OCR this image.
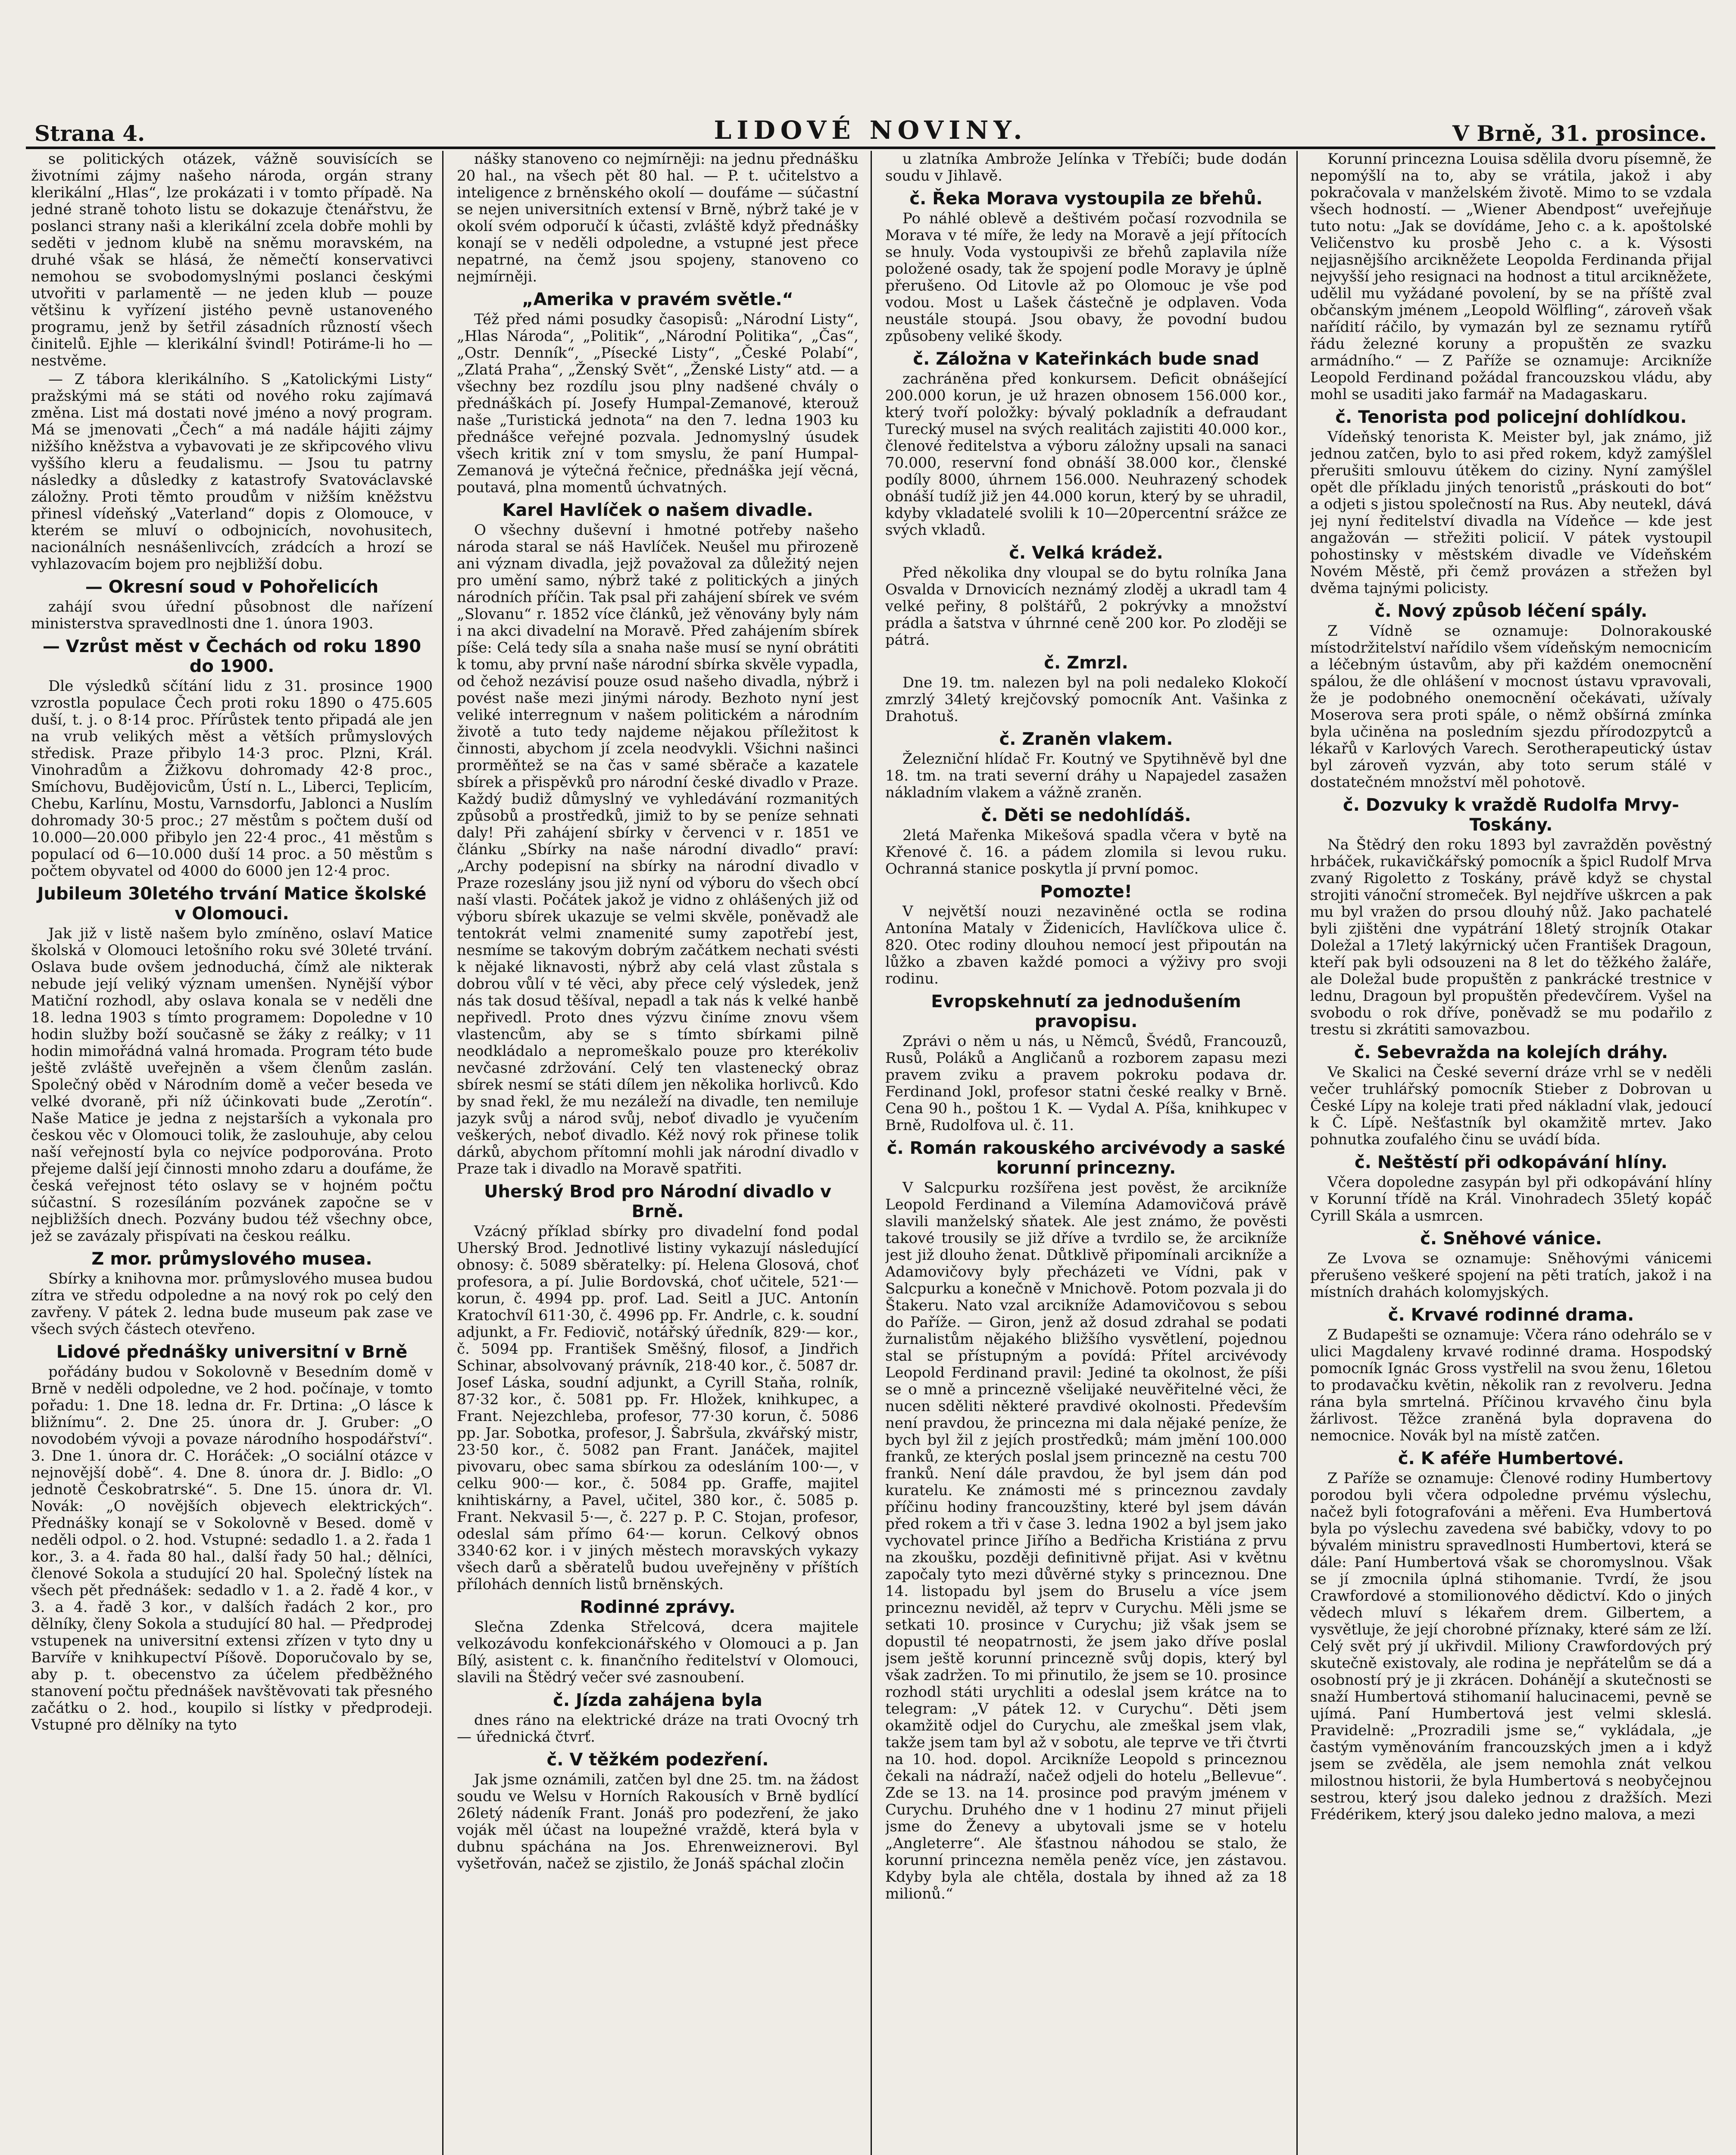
Strana 4.	LIDOVÉ NOVINY.	V Brně, 31. prosince.

se politických otázek, vážně souvisících se životními zájmy našeho národa, orgán strany klerikální „Hlas“, lze prokázati i v tomto případě. Na jedné straně tohoto listu se dokazuje čtenářstvu, že poslanci strany naši a klerikální zcela dobře mohli by seděti v jednom klubě na sněmu moravském, na druhé však se hlásá, že němečtí konservativci nemohou se svobodomyslnými poslanci českými utvořiti v parlamentě — ne jeden klub — pouze většinu k vyřízení jistého pevně ustanoveného programu, jenž by šetřil zásadních růzností všech činitelů. Ejhle — klerikální švindl! Potiráme-li ho — nestvěme.

— Z tábora klerikálního. S „Katolickými Listy“ pražskými má se státi od nového roku zajímavá změna. List má dostati nové jméno a nový program. Má se jmenovati „Čech“ a má nadále hájiti zájmy nižšího kněžstva a vybavovati je ze skřipcového vlivu vyššího kleru a feudalismu. — Jsou tu patrny následky a důsledky z katastrofy Svatováclavské záložny. Proti těmto proudům v nižším kněžstvu přinesl vídeňský „Vaterland“ dopis z Olomouce, v kterém se mluví o odbojnicích, novohusitech, nacionálních nesnášenlivcích, zrádcích a hrozí se vyhlazovacím bojem pro nejbližší dobu.

— Okresní soud v Pohořelicích

zahájí svou úřední působnost dle nařízení ministerstva spravedlnosti dne 1. února 1903.

— Vzrůst měst v Čechách od roku 1890 do 1900.

Dle výsledků sčítání lidu z 31. prosince 1900 vzrostla populace Čech proti roku 1890 o 475.605 duší, t. j. o 8·14 proc. Přírůstek tento připadá ale jen na vrub velikých měst a větších průmyslových středisk. Praze přibylo 14·3 proc. Plzni, Král. Vinohradům a Žižkovu dohromady 42·8 proc., Smíchovu, Budějovicům, Ústí n. L., Liberci, Teplicím, Chebu, Karlínu, Mostu, Varnsdorfu, Jablonci a Nuslím dohromady 30·5 proc.; 27 městům s počtem duší od 10.000—20.000 přibylo jen 22·4 proc., 41 městům s populací od 6—10.000 duší 14 proc. a 50 městům s počtem obyvatel od 4000 do 6000 jen 12·4 proc.

Jubileum 30letého trvání Matice školské v Olomouci.

Jak již v listě našem bylo zmíněno, oslaví Matice školská v Olomouci letošního roku své 30leté trvání. Oslava bude ovšem jednoduchá, čímž ale nikterak nebude její veliký význam umenšen. Nynější výbor Matiční rozhodl, aby oslava konala se v neděli dne 18. ledna 1903 s tímto programem: Dopoledne v 10 hodin služby boží současně se žáky z reálky; v 11 hodin mimořádná valná hromada. Program této bude ještě zvláště uveřejněn a všem členům zaslán. Společný oběd v Národním domě a večer beseda ve velké dvoraně, při níž účinkovati bude „Zerotín“. Naše Matice je jedna z nejstarších a vykonala pro českou věc v Olomouci tolik, že zaslouhuje, aby celou naší veřejností byla co nejvíce podporována. Proto přejeme další její činnosti mnoho zdaru a doufáme, že česká veřejnost této oslavy se v hojném počtu súčastní. S rozesíláním pozvánek započne se v nejbližších dnech. Pozvány budou též všechny obce, jež se zavázaly přispívati na českou reálku.

Z mor. průmyslového musea.

Sbírky a knihovna mor. průmyslového musea budou zítra ve středu odpoledne a na nový rok po celý den zavřeny. V pátek 2. ledna bude museum pak zase ve všech svých částech otevřeno.

Lidové přednášky universitní v Brně

pořádány budou v Sokolovně v Besedním domě v Brně v neděli odpoledne, ve 2 hod. počínaje, v tomto pořadu: 1. Dne 18. ledna dr. Fr. Drtina: „O lásce k bližnímu“. 2. Dne 25. února dr. J. Gruber: „O novodobém vývoji a povaze národního hospodářství“. 3. Dne 1. února dr. C. Horáček: „O sociální otázce v nejnovější době“. 4. Dne 8. února dr. J. Bidlo: „O jednotě Českobratrské“. 5. Dne 15. února dr. Vl. Novák: „O novějších objevech elektrických“. Přednášky konají se v Sokolovně v Besed. domě v neděli odpol. o 2. hod. Vstupné: sedadlo 1. a 2. řada 1 kor., 3. a 4. řada 80 hal., další řady 50 hal.; dělníci, členové Sokola a studující 20 hal. Společný lístek na všech pět přednášek: sedadlo v 1. a 2. řadě 4 kor., v 3. a 4. řadě 3 kor., v dalších řadách 2 kor., pro dělníky, členy Sokola a studující 80 hal. — Předprodej vstupenek na universitní extensi zřízen v tyto dny u Barvíře v knihkupectví Píšově. Doporučovalo by se, aby p. t. obecenstvo za účelem předběžného stanovení počtu přednášek navštěvovati tak přesného začátku o 2. hod., koupilo si lístky v předprodeji. Vstupné pro dělníky na tyto

nášky stanoveno co nejmírněji: na jednu přednášku 20 hal., na všech pět 80 hal. — P. t. učitelstvo a inteligence z brněnského okolí — doufáme — súčastní se nejen universitních extensí v Brně, nýbrž také je v okolí svém odporučí k účasti, zvláště když přednášky konají se v neděli odpoledne, a vstupné jest přece nepatrné, na čemž jsou spojeny, stanoveno co nejmírněji.

„Amerika v pravém světle.“

Též před námi posudky časopisů: „Národní Listy“, „Hlas Národa“, „Politik“, „Národní Politika“, „Čas“, „Ostr. Denník“, „Písecké Listy“, „České Polabí“, „Zlatá Praha“, „Ženský Svět“, „Ženské Listy“ atd. — a všechny bez rozdílu jsou plny nadšené chvály o přednáškách pí. Josefy Humpal-Zemanové, kterouž naše „Turistická jednota“ na den 7. ledna 1903 ku přednášce veřejné pozvala. Jednomyslný úsudek všech kritik zní v tom smyslu, že paní Humpal-Zemanová je výtečná řečnice, přednáška její věcná, poutavá, plna momentů úchvatných.

Karel Havlíček o našem divadle.

O všechny duševní i hmotné potřeby našeho národa staral se náš Havlíček. Neušel mu přirozeně ani význam divadla, jejž považoval za důležitý nejen pro umění samo, nýbrž také z politických a jiných národních příčin. Tak psal při zahájení sbírek ve svém „Slovanu“ r. 1852 více článků, jež věnovány byly nám i na akci divadelní na Moravě. Před zahájením sbírek píše: Celá tedy síla a snaha naše musí se nyní obrátiti k tomu, aby první naše národní sbírka skvěle vypadla, od čehož nezávisí pouze osud našeho divadla, nýbrž i povést naše mezi jinými národy. Bezhoto nyní jest veliké interregnum v našem politickém a národním životě a tuto tedy najdeme nějakou příležitost k činnosti, abychom jí zcela neodvykli. Všichni našinci prorměňtež se na čas v samé sběrače a kazatele sbírek a přispěvků pro národní české divadlo v Praze. Každý budiž důmyslný ve vyhledávání rozmanitých způsobů a prostředků, jimiž to by se peníze sehnati daly! Při zahájení sbírky v červenci v r. 1851 ve článku „Sbírky na naše národní divadlo“ praví: „Archy podepisní na sbírky na národní divadlo v Praze rozeslány jsou již nyní od výboru do všech obcí naší vlasti. Počátek jakož je vidno z ohlášených již od výboru sbírek ukazuje se velmi skvěle, poněvadž ale tentokrát velmi znamenité sumy zapotřebí jest, nesmíme se takovým dobrým začátkem nechati svésti k nějaké liknavosti, nýbrž aby celá vlast zůstala s dobrou vůlí v té věci, aby přece celý výsledek, jenž nás tak dosud těšíval, nepadl a tak nás k velké hanbě nepřivedl. Proto dnes výzvu činíme znovu všem vlastencům, aby se s tímto sbírkami pilně neodkládalo a nepromeškalo pouze pro kterékoliv nevčasné zdržování. Celý ten vlastenecký obraz sbírek nesmí se státi dílem jen několika horlivců. Kdo by snad řekl, že mu nezáleží na divadle, ten nemiluje jazyk svůj a národ svůj, neboť divadlo je vyučením veškerých, neboť divadlo. Kéž nový rok přinese tolik dárků, abychom přítomní mohli jak národní divadlo v Praze tak i divadlo na Moravě spatřiti.

Uherský Brod pro Národní divadlo v Brně.

Vzácný příklad sbírky pro divadelní fond podal Uherský Brod. Jednotlivé listiny vykazují následující obnosy: č. 5089 sběratelky: pí. Helena Glosová, choť profesora, a pí. Julie Bordovská, choť učitele, 521·— korun, č. 4994 pp. prof. Lad. Seitl a JUC. Antonín Kratochvíl 611·30, č. 4996 pp. Fr. Andrle, c. k. soudní adjunkt, a Fr. Fediovič, notářský úředník, 829·— kor., č. 5094 pp. František Směšný, filosof, a Jindřich Schinar, absolvovaný právník, 218·40 kor., č. 5087 dr. Josef Láska, soudní adjunkt, a Cyrill Staňa, rolník, 87·32 kor., č. 5081 pp. Fr. Hložek, knihkupec, a Frant. Nejezchleba, profesor, 77·30 korun, č. 5086 pp. Jar. Sobotka, profesor, J. Šabršula, zkvářský mistr, 23·50 kor., č. 5082 pan Frant. Janáček, majitel pivovaru, obec sama sbírkou za odesláním 100·—, v celku 900·— kor., č. 5084 pp. Graffe, majitel knihtiskárny, a Pavel, učitel, 380 kor., č. 5085 p. Frant. Nekvasil 5·—, č. 227 p. P. C. Stojan, profesor, odeslal sám přímo 64·— korun. Celkový obnos 3340·62 kor. i v jiných městech moravských vykazy všech darů a sběratelů budou uveřejněny v příštích přílohách denních listů brněnských.

Rodinné zprávy.

Slečna Zdenka Střelcová, dcera majitele velkozávodu konfekcionářského v Olomouci a p. Jan Bílý, asistent c. k. finančního ředitelství v Olomouci, slavili na Štědrý večer své zasnoubení.

č. Jízda zahájena byla

dnes ráno na elektrické dráze na trati Ovocný trh — úřednická čtvrť.

č. V těžkém podezření.

Jak jsme oznámili, zatčen byl dne 25. tm. na žádost soudu ve Welsu v Horních Rakousích v Brně bydlící 26letý nádeník Frant. Jonáš pro podezření, že jako voják měl účast na loupežné vraždě, která byla v dubnu spáchána na Jos. Ehrenweiznerovi. Byl vyšetřován, načež se zjistilo, že Jonáš spáchal zločin

u zlatníka Ambrože Jelínka v Třebíči; bude dodán soudu v Jihlavě.

č. Řeka Morava vystoupila ze břehů.

Po náhlé oblevě a deštivém počasí rozvodnila se Morava v té míře, že ledy na Moravě a její přítocích se hnuly. Voda vystoupivši ze břehů zaplavila níže položené osady, tak že spojení podle Moravy je úplně přerušeno. Od Litovle až po Olomouc je vše pod vodou. Most u Lašek částečně je odplaven. Voda neustále stoupá. Jsou obavy, že povodní budou způsobeny veliké škody.

č. Záložna v Kateřinkách bude snad

zachráněna před konkursem. Deficit obnášející 200.000 korun, je už hrazen obnosem 156.000 kor., který tvoří položky: bývalý pokladník a defraudant Turecký musel na svých realitách zajistiti 40.000 kor., členové ředitelstva a výboru záložny upsali na sanaci 70.000, reservní fond obnáší 38.000 kor., členské podíly 8000, úhrnem 156.000. Neuhrazený schodek obnáší tudíž již jen 44.000 korun, který by se uhradil, kdyby vkladatelé svolili k 10—20percentní srážce ze svých vkladů.

č. Velká krádež.

Před několika dny vloupal se do bytu rolníka Jana Osvalda v Drnovicích neznámý zloděj a ukradl tam 4 velké peřiny, 8 polštářů, 2 pokrývky a množství prádla a šatstva v úhrnné ceně 200 kor. Po zloději se pátrá.

č. Zmrzl.

Dne 19. tm. nalezen byl na poli nedaleko Klokočí zmrzlý 34letý krejčovský pomocník Ant. Vašinka z Drahotuš.

č. Zraněn vlakem.

Železniční hlídač Fr. Koutný ve Spytihněvě byl dne 18. tm. na trati severní dráhy u Napajedel zasažen nákladním vlakem a vážně zraněn.

č. Děti se nedohlídáš.

2letá Mařenka Mikešová spadla včera v bytě na Křenové č. 16. a pádem zlomila si levou ruku. Ochranná stanice poskytla jí první pomoc.

Pomozte!

V největší nouzi nezaviněné octla se rodina Antonína Mataly v Židenicích, Havlíčkova ulice č. 820. Otec rodiny dlouhou nemocí jest připoután na lůžko a zbaven každé pomoci a výživy pro svoji rodinu.

Evropskehnutí za jednodušením pravopisu.

Zprávi o něm u nás, u Němců, Švédů, Francouzů, Rusů, Poláků a Angličanů a rozborem zapasu mezi pravem zviku a pravem pokroku podava dr. Ferdinand Jokl, profesor statni české realky v Brně. Cena 90 h., poštou 1 K. — Vydal A. Píša, knihkupec v Brně, Rudolfova ul. č. 11.

č. Román rakouského arcivévody a saské korunní princezny.

V Salcpurku rozšířena jest pověst, že arcikníže Leopold Ferdinand a Vilemína Adamovičová právě slavili manželský sňatek. Ale jest známo, že pověsti takové trousily se již dříve a tvrdilo se, že arcikníže jest již dlouho ženat. Důtklivě připomínali arcikníže a Adamovičovy byly přecházeti ve Vídni, pak v Salcpurku a konečně v Mnichově. Potom pozvala ji do Štakeru. Nato vzal arcikníže Adamovičovou s sebou do Paříže. — Giron, jenž až dosud zdrahal se podati žurnalistům nějakého bližšího vysvětlení, pojednou stal se přístupným a povídá: Přítel arcivévody Leopold Ferdinand pravil: Jediné ta okolnost, že píši se o mně a princezně všelijaké neuvěřitelné věci, že nucen sděliti některé pravdivé okolnosti. Především není pravdou, že princezna mi dala nějaké peníze, že bych byl žil z jejích prostředků; mám jmění 100.000 franků, ze kterých poslal jsem princezně na cestu 700 franků. Není dále pravdou, že byl jsem dán pod kuratelu. Ke známosti mé s princeznou zavdaly příčinu hodiny francouzštiny, které byl jsem dáván před rokem a tři v čase 3. ledna 1902 a byl jsem jako vychovatel prince Jiřího a Bedřicha Kristiána z prvu na zkoušku, později definitivně přijat. Asi v květnu započaly tyto mezi důvěrné styky s princeznou. Dne 14. listopadu byl jsem do Bruselu a více jsem princeznu neviděl, až teprv v Curychu. Měli jsme se setkati 10. prosince v Curychu; již však jsem se dopustil té neopatrnosti, že jsem jako dříve poslal jsem ještě korunní princezně svůj dopis, který byl však zadržen. To mi přinutilo, že jsem se 10. prosince rozhodl státi urychliti a odeslal jsem krátce na to telegram: „V pátek 12. v Curychu“. Děti jsem okamžitě odjel do Curychu, ale zmeškal jsem vlak, takže jsem tam byl až v sobotu, ale teprve ve tři čtvrti na 10. hod. dopol. Arcikníže Leopold s princeznou čekali na nádraží, načež odjeli do hotelu „Bellevue“. Zde se 13. na 14. prosince pod pravým jménem v Curychu. Druhého dne v 1 hodinu 27 minut přijeli jsme do Ženevy a ubytovali jsme se v hotelu „Angleterre“. Ale šťastnou náhodou se stalo, že korunní princezna neměla peněz více, jen zástavou. Kdyby byla ale chtěla, dostala by ihned až za 18 milionů.“

Korunní princezna Louisa sdělila dvoru písemně, že nepomýšlí na to, aby se vrátila, jakož i aby pokračovala v manželském životě. Mimo to se vzdala všech hodností. — „Wiener Abendpost“ uveřejňuje tuto notu: „Jak se dovídáme, Jeho c. a k. apoštolské Veličenstvo ku prosbě Jeho c. a k. Výsosti nejjasnějšího arcikněžete Leopolda Ferdinanda přijal nejvyšší jeho resignaci na hodnost a titul arcikněžete, udělil mu vyžádané povolení, by se na příště zval občanským jménem „Leopold Wölfling“, zároveň však nařídití ráčilo, by vymazán byl ze seznamu rytířů řádu železné koruny a propuštěn ze svazku armádního.“ — Z Paříže se oznamuje: Arcikníže Leopold Ferdinand požádal francouzskou vládu, aby mohl se usaditi jako farmář na Madagaskaru.

č. Tenorista pod policejní dohlídkou.

Vídeňský tenorista K. Meister byl, jak známo, již jednou zatčen, bylo to asi před rokem, když zamýšlel přerušiti smlouvu útěkem do ciziny. Nyní zamýšlel opět dle příkladu jiných tenoristů „práskouti do bot“ a odjeti s jistou společností na Rus. Aby neutekl, dává jej nyní ředitelství divadla na Vídeňce — kde jest angažován — střežiti policií. V pátek vystoupil pohostinsky v městském divadle ve Vídeňském Novém Městě, při čemž provázen a střežen byl dvěma tajnými policisty.

č. Nový způsob léčení spály.

Z Vídně se oznamuje: Dolnorakouské místodržitelství nařídilo všem vídeňským nemocnicím a léčebným ústavům, aby při každém onemocnění spálou, že dle ohlášení v mocnost ústavu vpravovali, že je podobného onemocnění očekávati, užívaly Moserova sera proti spále, o němž obšírná zmínka byla učiněna na posledním sjezdu přírodozpytců a lékařů v Karlových Varech. Serotherapeutický ústav byl zároveň vyzván, aby toto serum stálé v dostatečném množství měl pohotově.

č. Dozvuky k vraždě Rudolfa Mrvy-Toskány.

Na Štědrý den roku 1893 byl zavražděn pověstný hrbáček, rukavičkářský pomocník a špicl Rudolf Mrva zvaný Rigoletto z Toskány, právě když se chystal strojiti vánoční stromeček. Byl nejdříve uškrcen a pak mu byl vražen do prsou dlouhý nůž. Jako pachatelé byli zjištěni dne vypátrání 18letý strojník Otakar Doležal a 17letý lakýrnický učen František Dragoun, kteří pak byli odsouzeni na 8 let do těžkého žaláře, ale Doležal bude propuštěn z pankrácké trestnice v lednu, Dragoun byl propuštěn předevčírem. Vyšel na svobodu o rok dříve, poněvadž se mu podařilo z trestu si zkrátiti samovazbou.

č. Sebevražda na kolejích dráhy.

Ve Skalici na České severní dráze vrhl se v neděli večer truhlářský pomocník Stieber z Dobrovan u České Lípy na koleje trati před nákladní vlak, jedoucí k Č. Lípě. Nešťastník byl okamžitě mrtev. Jako pohnutka zoufalého činu se uvádí bída.

č. Neštěstí při odkopávání hlíny.

Včera dopoledne zasypán byl při odkopávání hlíny v Korunní třídě na Král. Vinohradech 35letý kopáč Cyrill Skála a usmrcen.

č. Sněhové vánice.

Ze Lvova se oznamuje: Sněhovými vánicemi přerušeno veškeré spojení na pěti tratích, jakož i na místních drahách kolomyjských.

č. Krvavé rodinné drama.

Z Budapešti se oznamuje: Včera ráno odehrálo se v ulici Magdaleny krvavé rodinné drama. Hospodský pomocník Ignác Gross vystřelil na svou ženu, 16letou to prodavačku květin, několik ran z revolveru. Jedna rána byla smrtelná. Příčinou krvavého činu byla žárlivost. Těžce zraněná byla dopravena do nemocnice. Novák byl na místě zatčen.

č. K aféře Humbertové.

Z Paříže se oznamuje: Členové rodiny Humbertovy porodou byli včera odpoledne prvému výslechu, načež byli fotografováni a měřeni. Eva Humbertová byla po výslechu zavedena své babičky, vdovy to po bývalém ministru spravedlnosti Humbertovi, která se dále: Paní Humbertová však se choromyslnou. Však se jí zmocnila úplná stihomanie. Tvrdí, že jsou Crawfordové a stomilionového dědictví. Kdo o jiných vědech mluví s lékařem drem. Gilbertem, a vysvětluje, že její chorobné příznaky, které sám ze lží. Celý svět prý jí ukřivdil. Miliony Crawfordových prý skutečně existovaly, ale rodina je nepřátelům se dá a osobností prý je ji zkrácen. Dohánějí a skutečnosti se snaží Humbertová stihomanií halucinacemi, pevně se ujímá. Paní Humbertová jest velmi skleslá. Pravidelně: „Prozradili jsme se,“ vykládala, „je častým vyměnováním francouzských jmen a i když jsem se zvěděla, ale jsem nemohla znát velkou milostnou historii, že byla Humbertová s neobyčejnou sestrou, který jsou daleko jednou z dražších. Mezi Frédérikem, který jsou daleko jedno malova, a mezi
